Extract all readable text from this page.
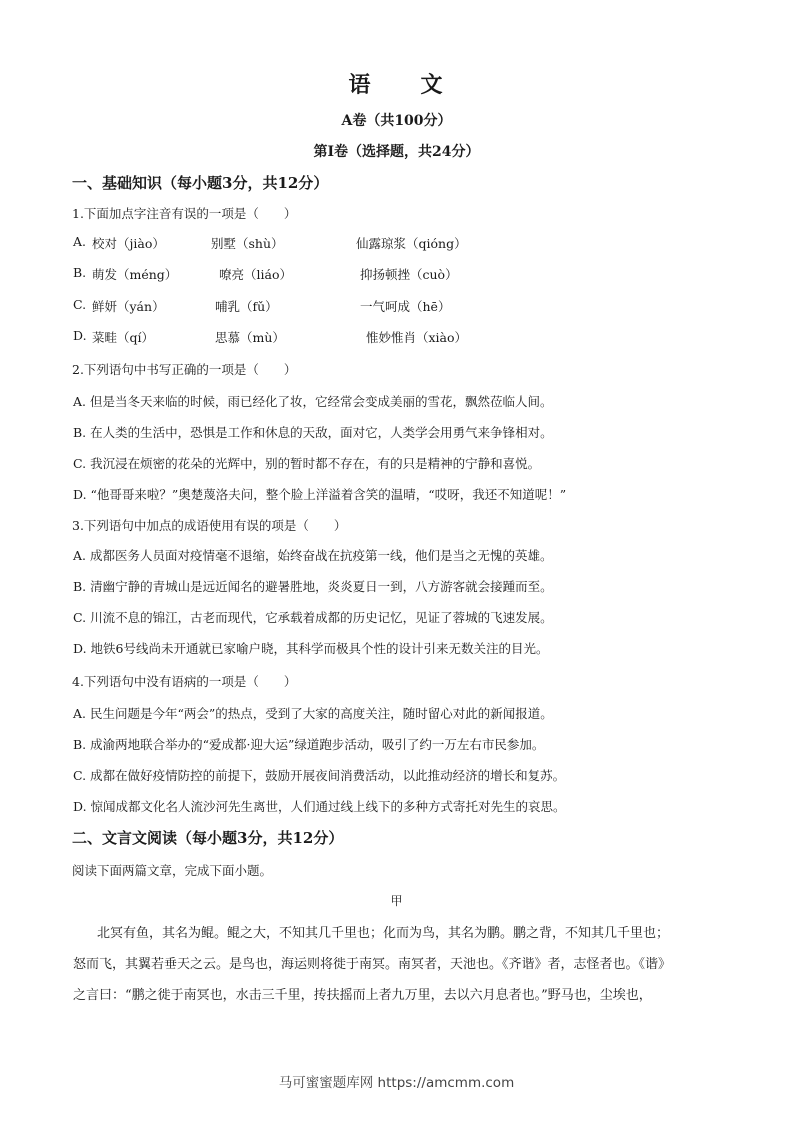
语　　文
A卷（共100分）
第Ⅰ卷（选择题，共24分）
一、基础知识（每小题3分，共12分）
1.下面加点字注音有误的一项是（　　）
A. 校对（jiào）	别墅（shù）	仙露琼浆（qióng）
B. 萌发（méng）	嘹亮（liáo）	抑扬顿挫（cuò）
C. 鲜妍（yán）	哺乳（fǔ）	一气呵成（hē）
D. 菜畦（qí）	思慕（mù）	惟妙惟肖（xiào）
2.下列语句中书写正确的一项是（　　）
A. 但是当冬天来临的时候，雨已经化了妆，它经常会变成美丽的雪花，飘然莅临人间。
B. 在人类的生活中，恐惧是工作和休息的天敌，面对它，人类学会用勇气来争锋相对。
C. 我沉浸在烦密的花朵的光辉中，别的暂时都不存在，有的只是精神的宁静和喜悦。
D. “他哥哥来啦？”奥楚蔑洛夫问，整个脸上洋溢着含笑的温晴，“哎呀，我还不知道呢！”
3.下列语句中加点的成语使用有误的项是（　　）
A. 成都医务人员面对疫情毫不退缩，始终奋战在抗疫第一线，他们是当之无愧的英雄。
B. 清幽宁静的青城山是远近闻名的避暑胜地，炎炎夏日一到，八方游客就会接踵而至。
C. 川流不息的锦江，古老而现代，它承载着成都的历史记忆，见证了蓉城的飞速发展。
D. 地铁6号线尚未开通就已家喻户晓，其科学而极具个性的设计引来无数关注的目光。
4.下列语句中没有语病的一项是（　　）
A. 民生问题是今年“两会”的热点，受到了大家的高度关注，随时留心对此的新闻报道。
B. 成渝两地联合举办的“爱成都·迎大运”绿道跑步活动，吸引了约一万左右市民参加。
C. 成都在做好疫情防控的前提下，鼓励开展夜间消费活动，以此推动经济的增长和复苏。
D. 惊闻成都文化名人流沙河先生离世，人们通过线上线下的多种方式寄托对先生的哀思。
二、文言文阅读（每小题3分，共12分）
阅读下面两篇文章，完成下面小题。
甲
北冥有鱼，其名为鲲。鲲之大，不知其几千里也；化而为鸟，其名为鹏。鹏之背，不知其几千里也；
怒而飞，其翼若垂天之云。是鸟也，海运则将徙于南冥。南冥者，天池也。《齐谐》者，志怪者也。《谐》
之言曰：“鹏之徙于南冥也，水击三千里，抟扶摇而上者九万里，去以六月息者也。”野马也，尘埃也，
马可蜜蜜题库网 https://amcmm.com
